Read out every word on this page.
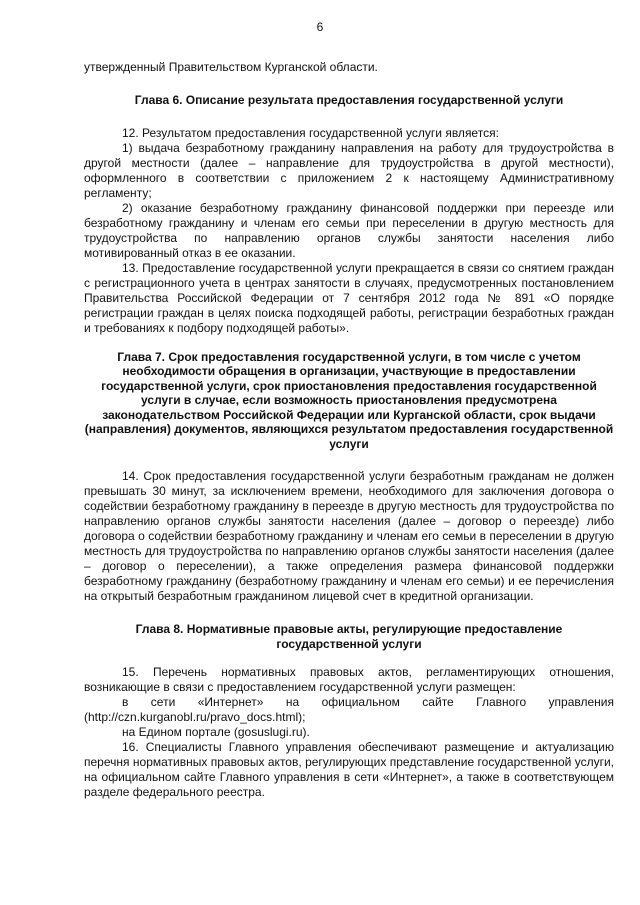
6

утвержденный Правительством Курганской области.

Глава 6. Описание результата предоставления государственной услуги

12. Результатом предоставления государственной услуги является:

1) выдача безработному гражданину направления на работу для трудоустройства в другой местности (далее – направление для трудоустройства в другой местности), оформленного в соответствии с приложением 2 к настоящему Административному регламенту;

2) оказание безработному гражданину финансовой поддержки при переезде или безработному гражданину и членам его семьи при переселении в другую местность для трудоустройства по направлению органов службы занятости населения либо мотивированный отказ в ее оказании.

13. Предоставление государственной услуги прекращается в связи со снятием граждан с регистрационного учета в центрах занятости в случаях, предусмотренных постановлением Правительства Российской Федерации от 7 сентября 2012 года № 891 «О порядке регистрации граждан в целях поиска подходящей работы, регистрации безработных граждан и требованиях к подбору подходящей работы».

Глава 7. Срок предоставления государственной услуги, в том числе с учетом необходимости обращения в организации, участвующие в предоставлении государственной услуги, срок приостановления предоставления государственной услуги в случае, если возможность приостановления предусмотрена законодательством Российской Федерации или Курганской области, срок выдачи (направления) документов, являющихся результатом предоставления государственной услуги

14. Срок предоставления государственной услуги безработным гражданам не должен превышать 30 минут, за исключением времени, необходимого для заключения договора о содействии безработному гражданину в переезде в другую местность для трудоустройства по направлению органов службы занятости населения (далее – договор о переезде) либо договора о содействии безработному гражданину и членам его семьи в переселении в другую местность для трудоустройства по направлению органов службы занятости населения (далее – договор о переселении), а также определения размера финансовой поддержки безработному гражданину (безработному гражданину и членам его семьи) и ее перечисления на открытый безработным гражданином лицевой счет в кредитной организации.

Глава 8. Нормативные правовые акты, регулирующие предоставление государственной услуги

15. Перечень нормативных правовых актов, регламентирующих отношения, возникающие в связи с предоставлением государственной услуги размещен:

в сети «Интернет» на официальном сайте Главного управления (http://czn.kurganobl.ru/pravo_docs.html);

на Едином портале (gosuslugi.ru).

16. Специалисты Главного управления обеспечивают размещение и актуализацию перечня нормативных правовых актов, регулирующих представление государственной услуги, на официальном сайте Главного управления в сети «Интернет», а также в соответствующем разделе федерального реестра.
